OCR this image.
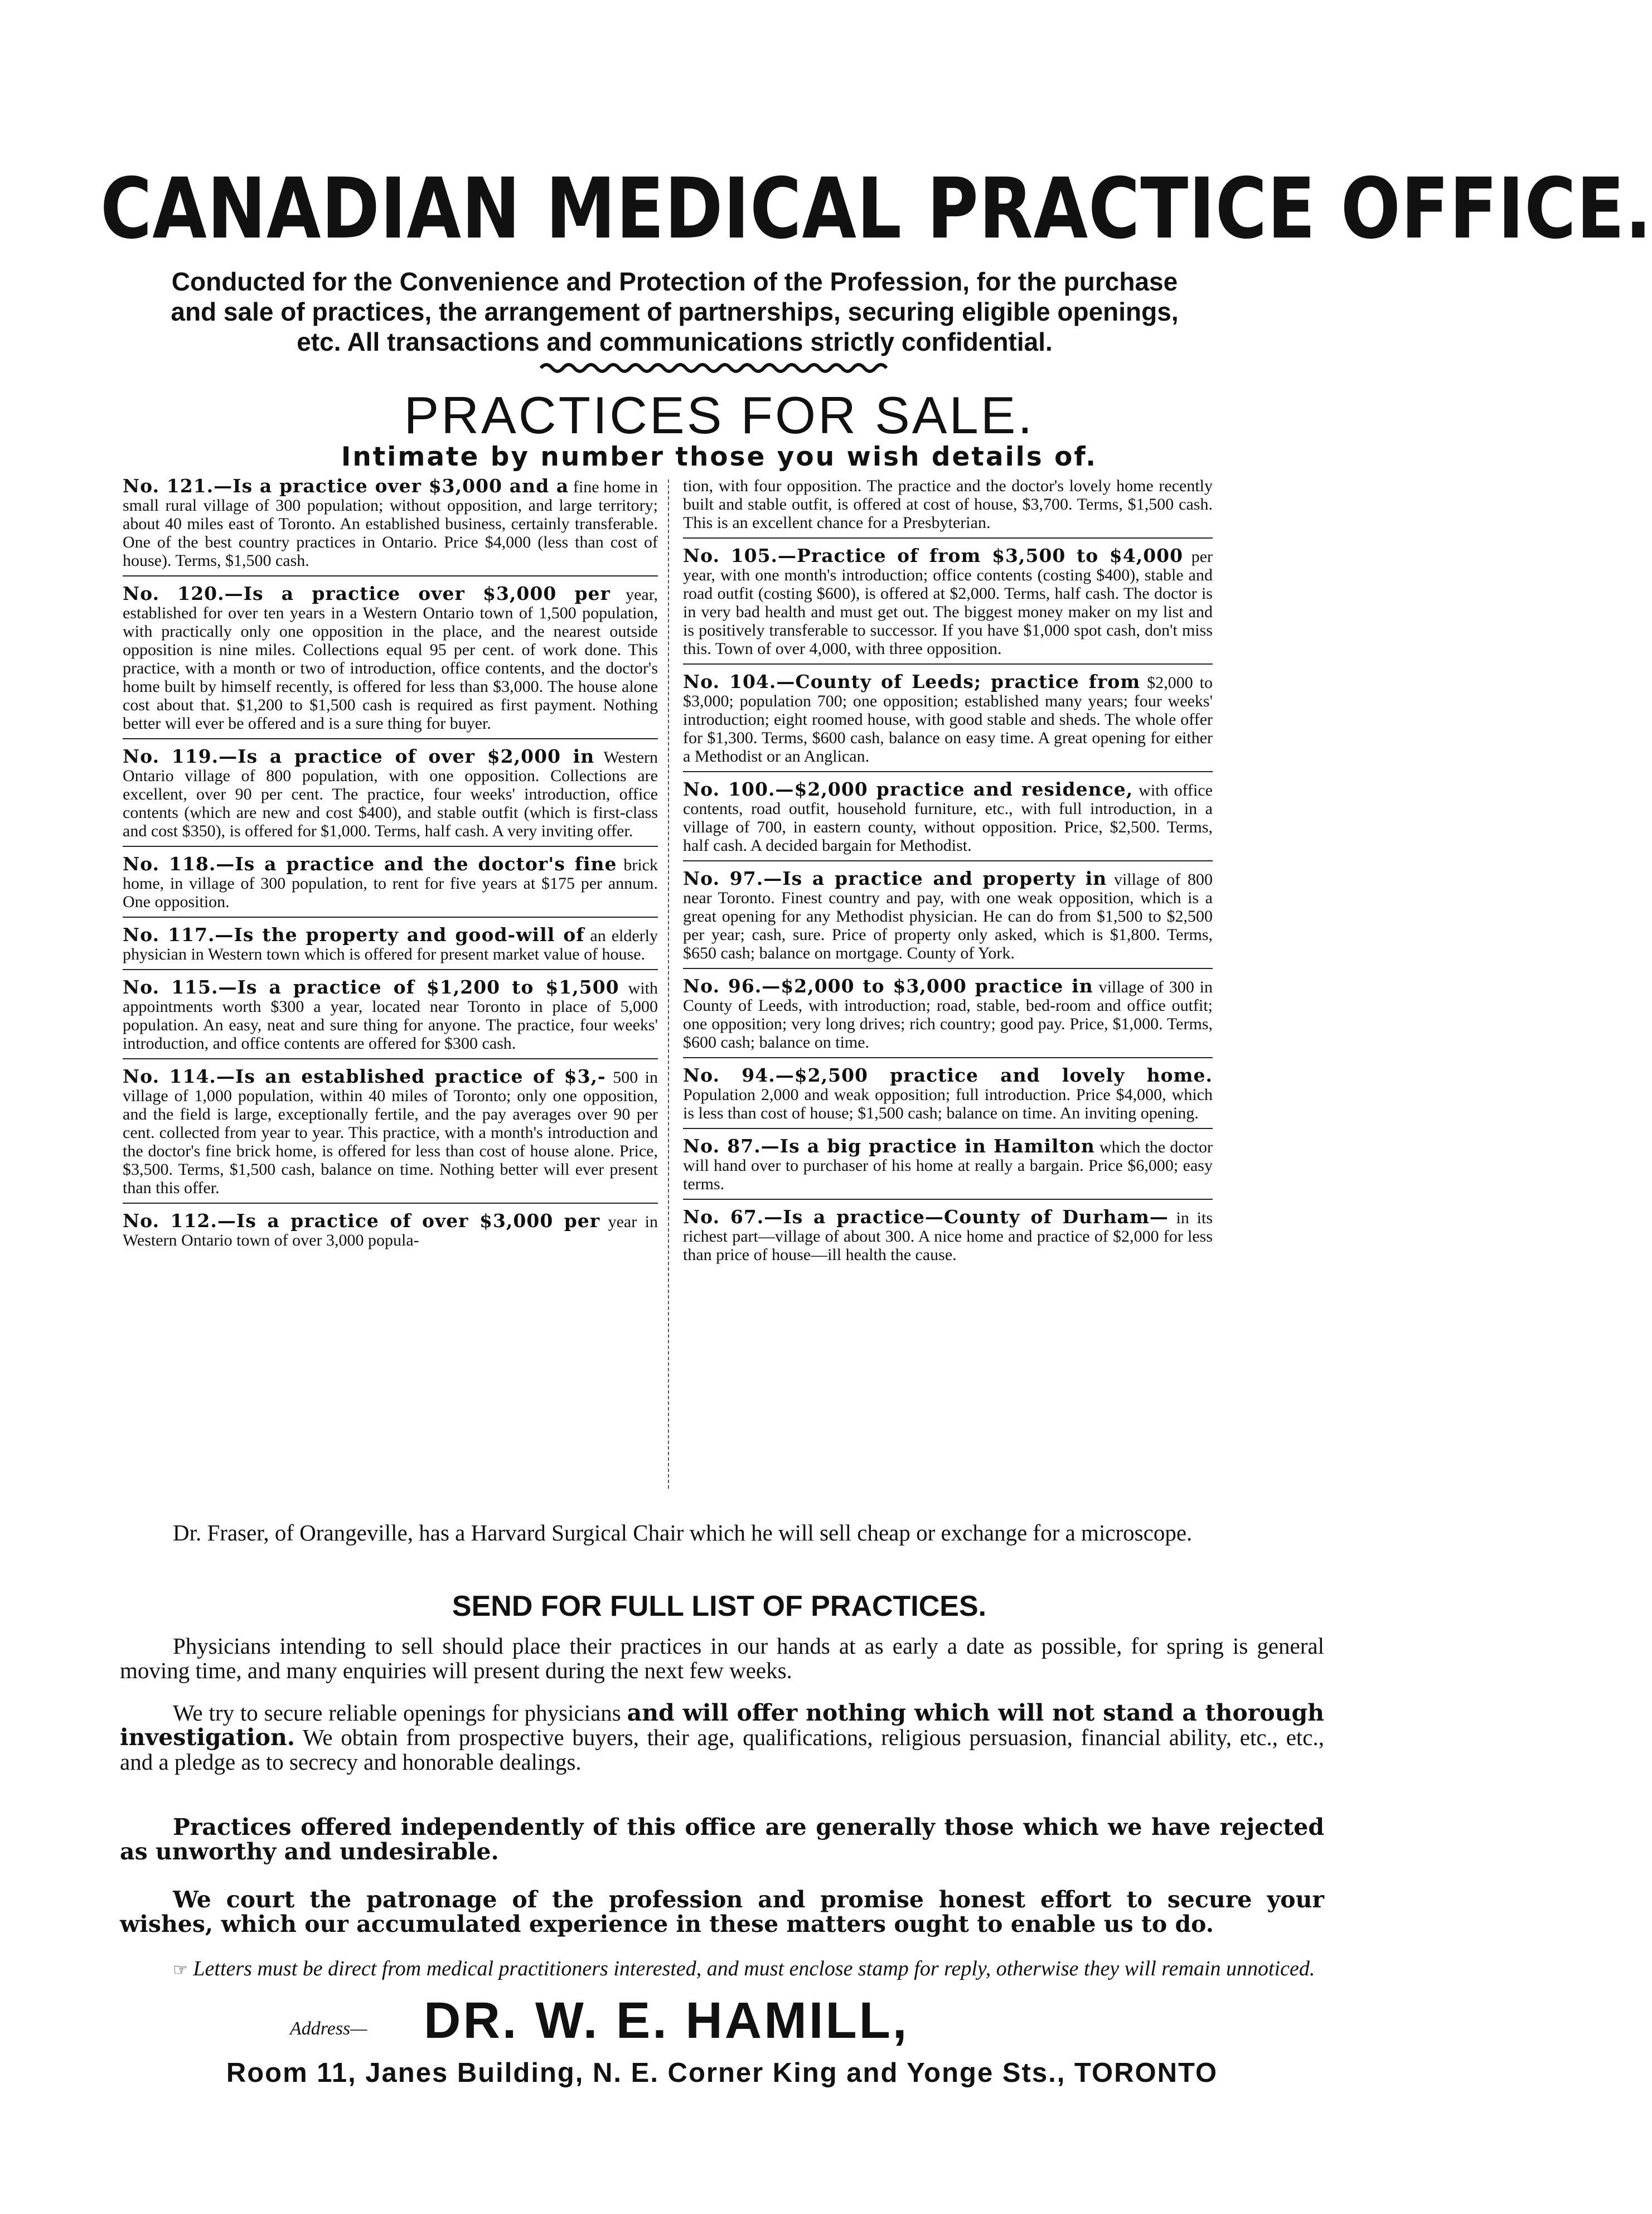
CANADIAN MEDICAL PRACTICE OFFICE.
Conducted for the Convenience and Protection of the Profession, for the purchase and sale of practices, the arrangement of partnerships, securing eligible openings, etc. All transactions and communications strictly confidential.
PRACTICES FOR SALE.
Intimate by number those you wish details of.
No. 121.—Is a practice over $3,000 and a fine home in small rural village of 300 population; without opposition, and large territory; about 40 miles east of Toronto. An established business, certainly transferable. One of the best country practices in Ontario. Price $4,000 (less than cost of house). Terms, $1,500 cash.
No. 120.—Is a practice over $3,000 per year, established for over ten years in a Western Ontario town of 1,500 population, with practically only one opposition in the place, and the nearest outside opposition is nine miles. Collections equal 95 per cent. of work done. This practice, with a month or two of introduction, office contents, and the doctor's home built by himself recently, is offered for less than $3,000. The house alone cost about that. $1,200 to $1,500 cash is required as first payment. Nothing better will ever be offered and is a sure thing for buyer.
No. 119.—Is a practice of over $2,000 in Western Ontario village of 800 population, with one opposition. Collections are excellent, over 90 per cent. The practice, four weeks' introduction, office contents (which are new and cost $400), and stable outfit (which is first-class and cost $350), is offered for $1,000. Terms, half cash. A very inviting offer.
No. 118.—Is a practice and the doctor's fine brick home, in village of 300 population, to rent for five years at $175 per annum. One opposition.
No. 117.—Is the property and good-will of an elderly physician in Western town which is offered for present market value of house.
No. 115.—Is a practice of $1,200 to $1,500 with appointments worth $300 a year, located near Toronto in place of 5,000 population. An easy, neat and sure thing for anyone. The practice, four weeks' introduction, and office contents are offered for $300 cash.
No. 114.—Is an established practice of $3,- 500 in village of 1,000 population, within 40 miles of Toronto; only one opposition, and the field is large, exceptionally fertile, and the pay averages over 90 per cent. collected from year to year. This practice, with a month's introduction and the doctor's fine brick home, is offered for less than cost of house alone. Price, $3,500. Terms, $1,500 cash, balance on time. Nothing better will ever present than this offer.
No. 112.—Is a practice of over $3,000 per year in Western Ontario town of over 3,000 popula-
tion, with four opposition. The practice and the doctor's lovely home recently built and stable outfit, is offered at cost of house, $3,700. Terms, $1,500 cash. This is an excellent chance for a Presbyterian.
No. 105.—Practice of from $3,500 to $4,000 per year, with one month's introduction; office contents (costing $400), stable and road outfit (costing $600), is offered at $2,000. Terms, half cash. The doctor is in very bad health and must get out. The biggest money maker on my list and is positively transferable to successor. If you have $1,000 spot cash, don't miss this. Town of over 4,000, with three opposition.
No. 104.—County of Leeds; practice from $2,000 to $3,000; population 700; one opposition; established many years; four weeks' introduction; eight roomed house, with good stable and sheds. The whole offer for $1,300. Terms, $600 cash, balance on easy time. A great opening for either a Methodist or an Anglican.
No. 100.—$2,000 practice and residence, with office contents, road outfit, household furniture, etc., with full introduction, in a village of 700, in eastern county, without opposition. Price, $2,500. Terms, half cash. A decided bargain for Methodist.
No. 97.—Is a practice and property in village of 800 near Toronto. Finest country and pay, with one weak opposition, which is a great opening for any Methodist physician. He can do from $1,500 to $2,500 per year; cash, sure. Price of property only asked, which is $1,800. Terms, $650 cash; balance on mortgage. County of York.
No. 96.—$2,000 to $3,000 practice in village of 300 in County of Leeds, with introduction; road, stable, bed-room and office outfit; one opposition; very long drives; rich country; good pay. Price, $1,000. Terms, $600 cash; balance on time.
No. 94.—$2,500 practice and lovely home. Population 2,000 and weak opposition; full introduction. Price $4,000, which is less than cost of house; $1,500 cash; balance on time. An inviting opening.
No. 87.—Is a big practice in Hamilton which the doctor will hand over to purchaser of his home at really a bargain. Price $6,000; easy terms.
No. 67.—Is a practice—County of Durham— in its richest part—village of about 300. A nice home and practice of $2,000 for less than price of house—ill health the cause.
Dr. Fraser, of Orangeville, has a Harvard Surgical Chair which he will sell cheap or exchange for a microscope.
SEND FOR FULL LIST OF PRACTICES.
Physicians intending to sell should place their practices in our hands at as early a date as possible, for spring is general moving time, and many enquiries will present during the next few weeks.
We try to secure reliable openings for physicians and will offer nothing which will not stand a thorough investigation. We obtain from prospective buyers, their age, qualifications, religious persuasion, financial ability, etc., etc., and a pledge as to secrecy and honorable dealings.
Practices offered independently of this office are generally those which we have rejected as unworthy and undesirable.
We court the patronage of the profession and promise honest effort to secure your wishes, which our accumulated experience in these matters ought to enable us to do.
☞ Letters must be direct from medical practitioners interested, and must enclose stamp for reply, otherwise they will remain unnoticed.
Address— DR. W. E. HAMILL,
Room 11, Janes Building, N. E. Corner King and Yonge Sts., TORONTO
